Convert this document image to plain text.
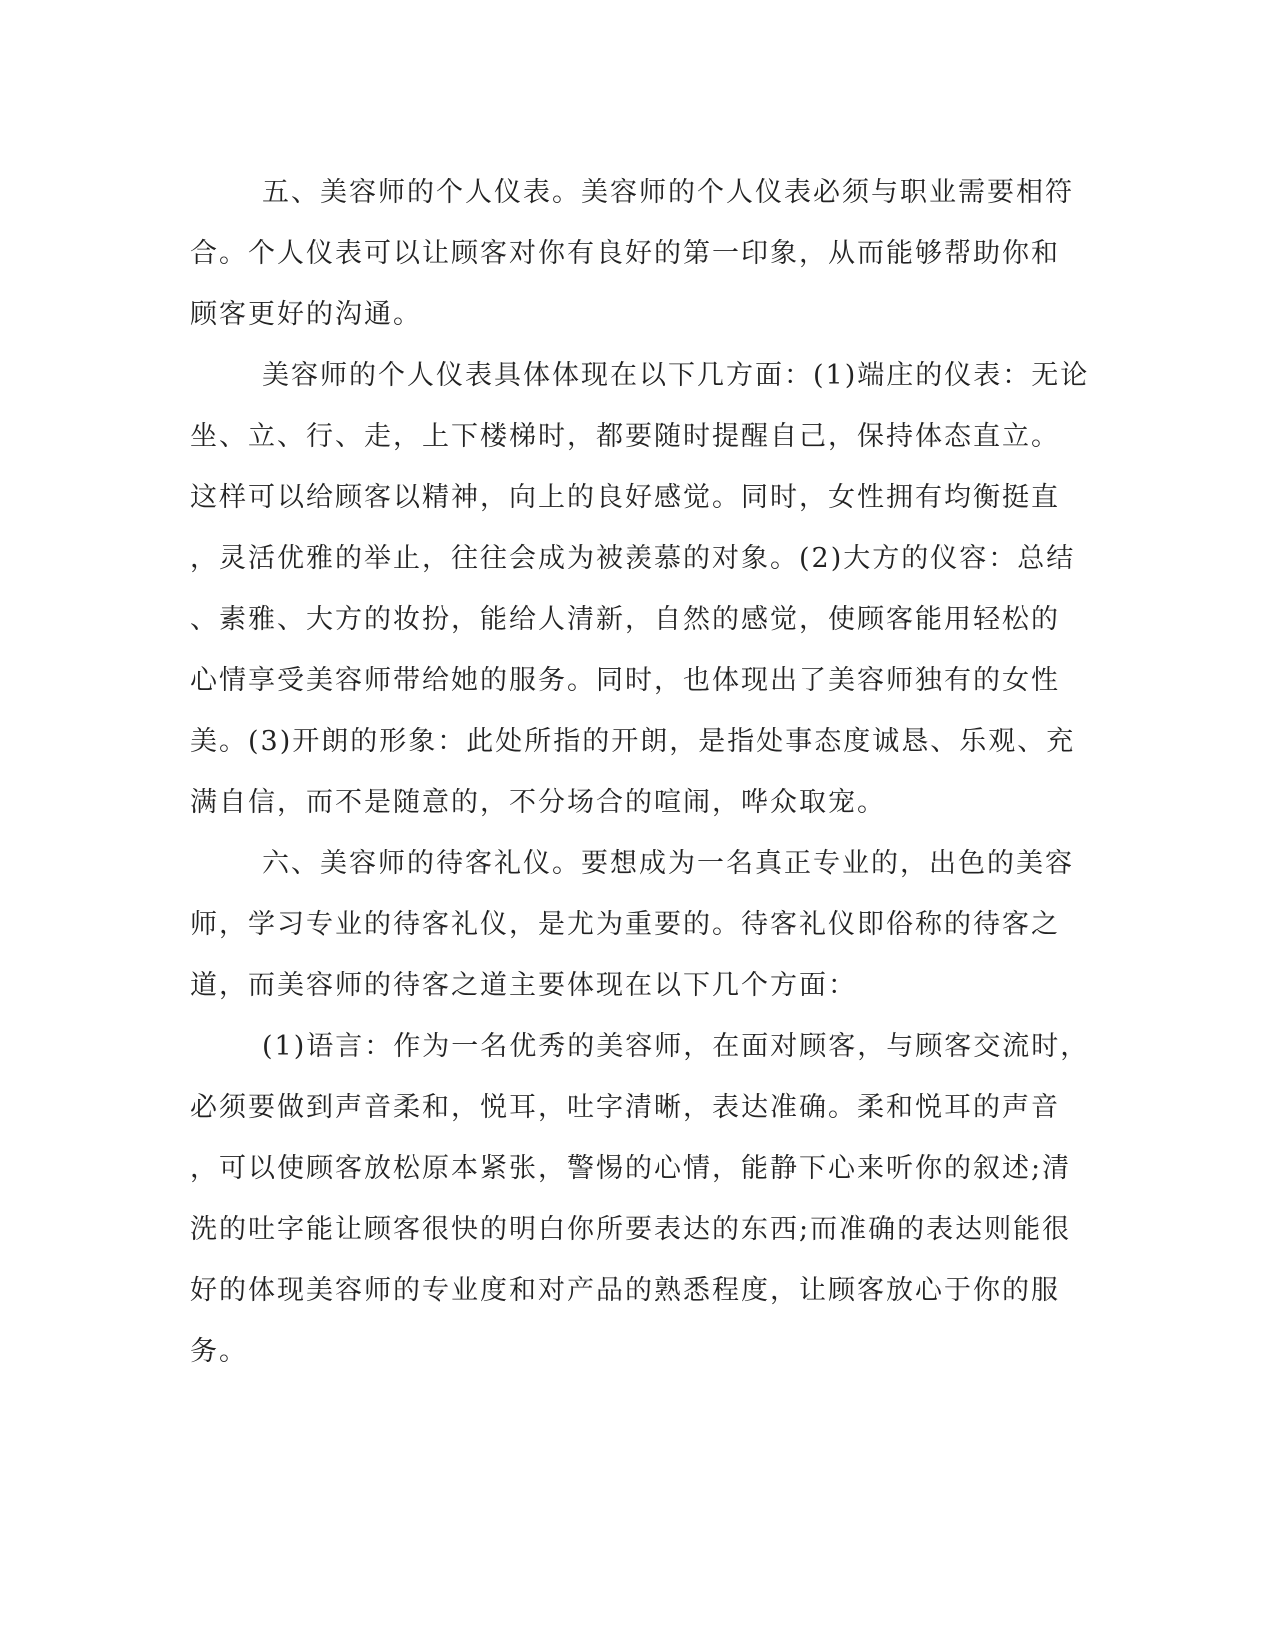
五、美容师的个人仪表。美容师的个人仪表必须与职业需要相符
合。个人仪表可以让顾客对你有良好的第一印象，从而能够帮助你和
顾客更好的沟通。
美容师的个人仪表具体体现在以下几方面：(1)端庄的仪表：无论
坐、立、行、走，上下楼梯时，都要随时提醒自己，保持体态直立。
这样可以给顾客以精神，向上的良好感觉。同时，女性拥有均衡挺直
，灵活优雅的举止，往往会成为被羡慕的对象。(2)大方的仪容：总结
、素雅、大方的妆扮，能给人清新，自然的感觉，使顾客能用轻松的
心情享受美容师带给她的服务。同时，也体现出了美容师独有的女性
美。(3)开朗的形象：此处所指的开朗，是指处事态度诚恳、乐观、充
满自信，而不是随意的，不分场合的喧闹，哗众取宠。
六、美容师的待客礼仪。要想成为一名真正专业的，出色的美容
师，学习专业的待客礼仪，是尤为重要的。待客礼仪即俗称的待客之
道，而美容师的待客之道主要体现在以下几个方面：
(1)语言：作为一名优秀的美容师，在面对顾客，与顾客交流时，
必须要做到声音柔和，悦耳，吐字清晰，表达准确。柔和悦耳的声音
，可以使顾客放松原本紧张，警惕的心情，能静下心来听你的叙述;清
洗的吐字能让顾客很快的明白你所要表达的东西;而准确的表达则能很
好的体现美容师的专业度和对产品的熟悉程度，让顾客放心于你的服
务。
